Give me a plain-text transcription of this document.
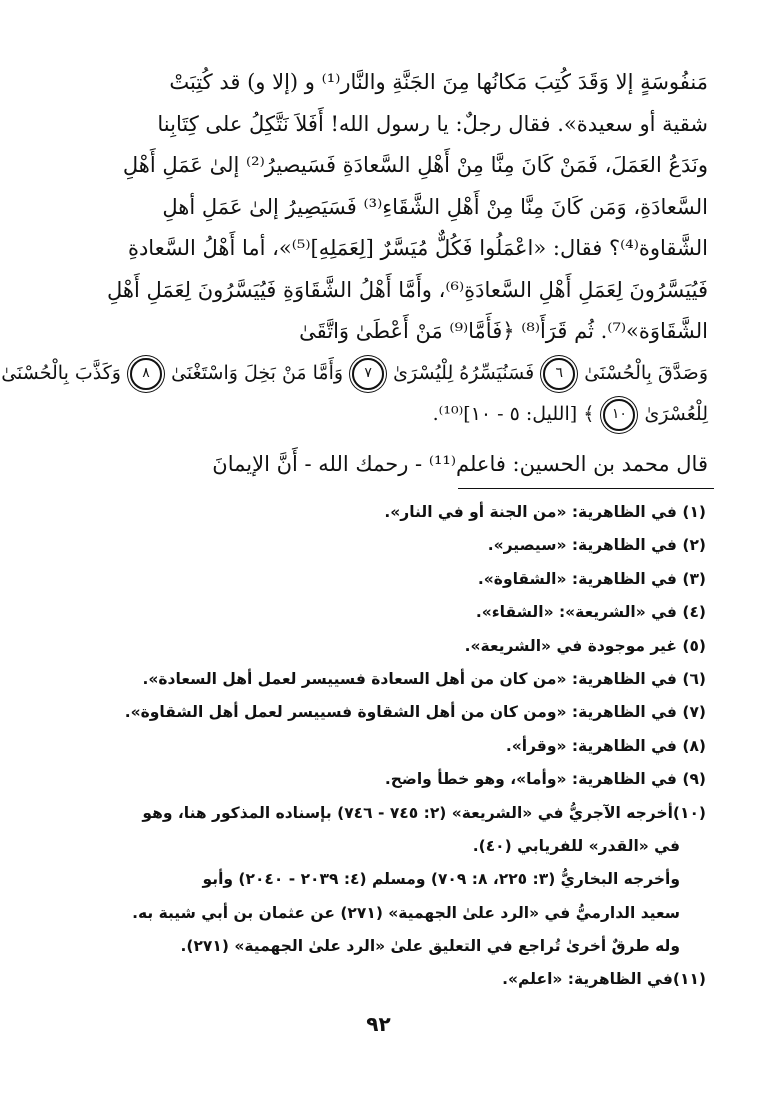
مَنفُوسَةٍ إلا وَقَدَ كُتِبَ مَكانُها مِنَ الجَنَّةِ والنَّار⁽¹⁾ و (إلا و) قد كُتِبَتْ
شقية أو سعيدة». فقال رجلٌ: يا رسول الله! أَفَلاَ نَتَّكِلُ على كِتَابِنا
ونَدَعُ العَمَلَ، فَمَنْ كَانَ مِنَّا مِنْ أَهْلِ السَّعادَةِ فَسَيصيرُ⁽²⁾ إلىٰ عَمَلِ أَهْلِ
السَّعادَةِ، وَمَن كَانَ مِنَّا مِنْ أَهْلِ الشَّقَاءِ⁽³⁾ فَسَيَصِيرُ إلىٰ عَمَلِ أهلِ
الشَّقاوة⁽⁴⁾؟ فقال: «اعْمَلُوا فَكُلٌّ مُيَسَّرٌ [لِعَمَلِهِ]⁽⁵⁾»، أما أَهْلُ السَّعادةِ
فَيُيَسَّرُونَ لِعَمَلِ أَهْلِ السَّعادَةِ⁽⁶⁾، وأَمَّا أَهْلُ الشَّقَاوَةِ فَيُيَسَّرُونَ لِعَمَلِ أَهْلِ
الشَّقَاوَة»⁽⁷⁾. ثُم قَرَأَ⁽⁸⁾ ﴿فَأَمَّا⁽⁹⁾ مَنْ أَعْطَىٰ وَاتَّقَىٰ
وَصَدَّقَ بِالْحُسْنَىٰ ٦ فَسَنُيَسِّرُهُ لِلْيُسْرَىٰ ٧ وَأَمَّا مَنْ بَخِلَ وَاسْتَغْنَىٰ ٨ وَكَذَّبَ بِالْحُسْنَىٰ
لِلْعُسْرَىٰ ١٠ ﴾ [الليل: ٥ - ١٠]⁽¹⁰⁾.
قال محمد بن الحسين: فاعلم⁽¹¹⁾ - رحمك الله - أَنَّ الإيمانَ
(١) في الظاهرية: «من الجنة أو في النار».
(٢) في الظاهرية: «سيصير».
(٣) في الظاهرية: «الشقاوة».
(٤) في «الشريعة»: «الشقاء».
(٥) غير موجودة في «الشريعة».
(٦) في الظاهرية: «من كان من أهل السعادة فسييسر لعمل أهل السعادة».
(٧) في الظاهرية: «ومن كان من أهل الشقاوة فسييسر لعمل أهل الشقاوة».
(٨) في الظاهرية: «وقرأ».
(٩) في الظاهرية: «وأما»، وهو خطأ واضح.
(١٠)أخرجه الآجريُّ في «الشريعة» (٢: ٧٤٥ - ٧٤٦) بإسناده المذكور هنا، وهو
في «القدر» للفريابي (٤٠).
وأخرجه البخاريُّ (٣: ٢٢٥، ٨: ٧٠٩) ومسلم (٤: ٢٠٣٩ - ٢٠٤٠) وأبو
سعيد الدارميُّ في «الرد علىٰ الجهمية» (٢٧١) عن عثمان بن أبي شيبة به.
وله طرقٌ أخرىٰ تُراجع في التعليق علىٰ «الرد علىٰ الجهمية» (٢٧١).
(١١)في الظاهرية: «اعلم».
٩٢
